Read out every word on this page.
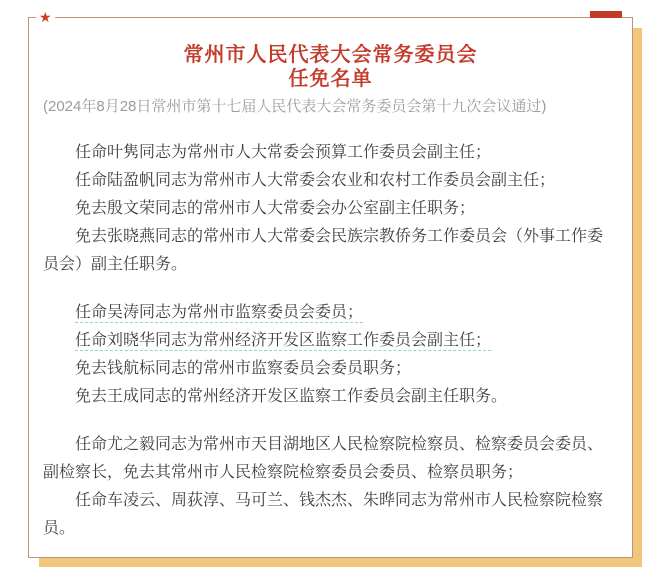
★
常州市人民代表大会常务委员会
任免名单
(2024年8月28日常州市第十七届人民代表大会常务委员会第十九次会议通过)

任命叶隽同志为常州市人大常委会预算工作委员会副主任；

任命陆盈帆同志为常州市人大常委会农业和农村工作委员会副主任；

免去殷文荣同志的常州市人大常委会办公室副主任职务；

免去张晓燕同志的常州市人大常委会民族宗教侨务工作委员会（外事工作委员会）副主任职务。

任命吴涛同志为常州市监察委员会委员；

任命刘晓华同志为常州经济开发区监察工作委员会副主任；

免去钱航标同志的常州市监察委员会委员职务；

免去王成同志的常州经济开发区监察工作委员会副主任职务。

任命尤之毅同志为常州市天目湖地区人民检察院检察员、检察委员会委员、副检察长，免去其常州市人民检察院检察委员会委员、检察员职务；

任命车凌云、周荻淳、马可兰、钱杰杰、朱晔同志为常州市人民检察院检察员。
